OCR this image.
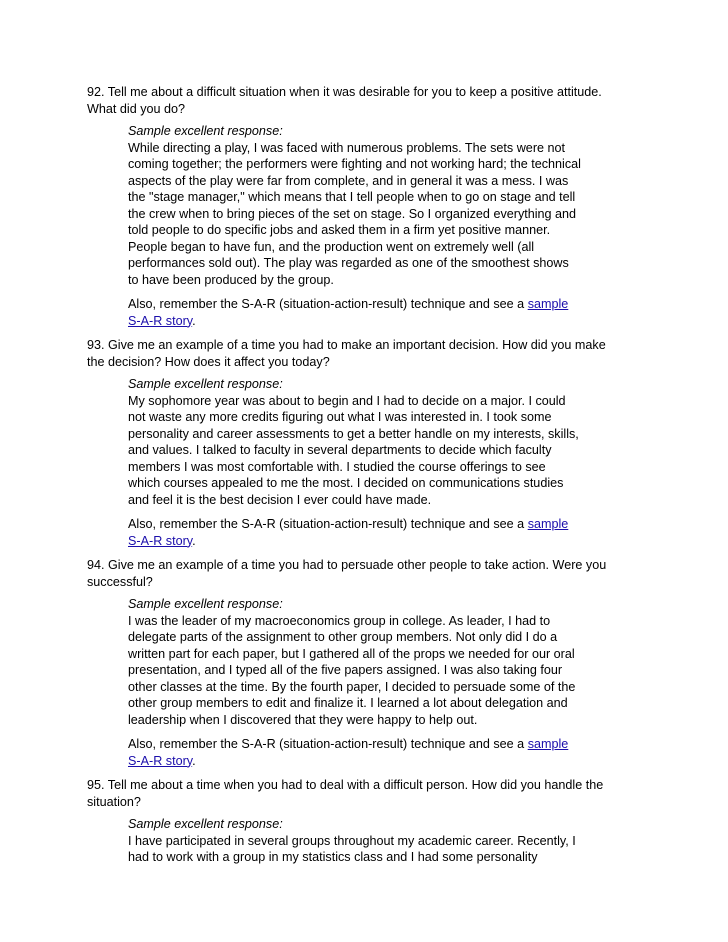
92. Tell me about a difficult situation when it was desirable for you to keep a positive attitude.
What did you do?
Sample excellent response:
While directing a play, I was faced with numerous problems. The sets were not
coming together; the performers were fighting and not working hard; the technical
aspects of the play were far from complete, and in general it was a mess. I was
the "stage manager," which means that I tell people when to go on stage and tell
the crew when to bring pieces of the set on stage. So I organized everything and
told people to do specific jobs and asked them in a firm yet positive manner.
People began to have fun, and the production went on extremely well (all
performances sold out). The play was regarded as one of the smoothest shows
to have been produced by the group.
Also, remember the S-A-R (situation-action-result) technique and see a sample
S-A-R story.
93. Give me an example of a time you had to make an important decision. How did you make
the decision? How does it affect you today?
Sample excellent response:
My sophomore year was about to begin and I had to decide on a major. I could
not waste any more credits figuring out what I was interested in. I took some
personality and career assessments to get a better handle on my interests, skills,
and values. I talked to faculty in several departments to decide which faculty
members I was most comfortable with. I studied the course offerings to see
which courses appealed to me the most. I decided on communications studies
and feel it is the best decision I ever could have made.
Also, remember the S-A-R (situation-action-result) technique and see a sample
S-A-R story.
94. Give me an example of a time you had to persuade other people to take action. Were you
successful?
Sample excellent response:
I was the leader of my macroeconomics group in college. As leader, I had to
delegate parts of the assignment to other group members. Not only did I do a
written part for each paper, but I gathered all of the props we needed for our oral
presentation, and I typed all of the five papers assigned. I was also taking four
other classes at the time. By the fourth paper, I decided to persuade some of the
other group members to edit and finalize it. I learned a lot about delegation and
leadership when I discovered that they were happy to help out.
Also, remember the S-A-R (situation-action-result) technique and see a sample
S-A-R story.
95. Tell me about a time when you had to deal with a difficult person. How did you handle the
situation?
Sample excellent response:
I have participated in several groups throughout my academic career. Recently, I
had to work with a group in my statistics class and I had some personality
